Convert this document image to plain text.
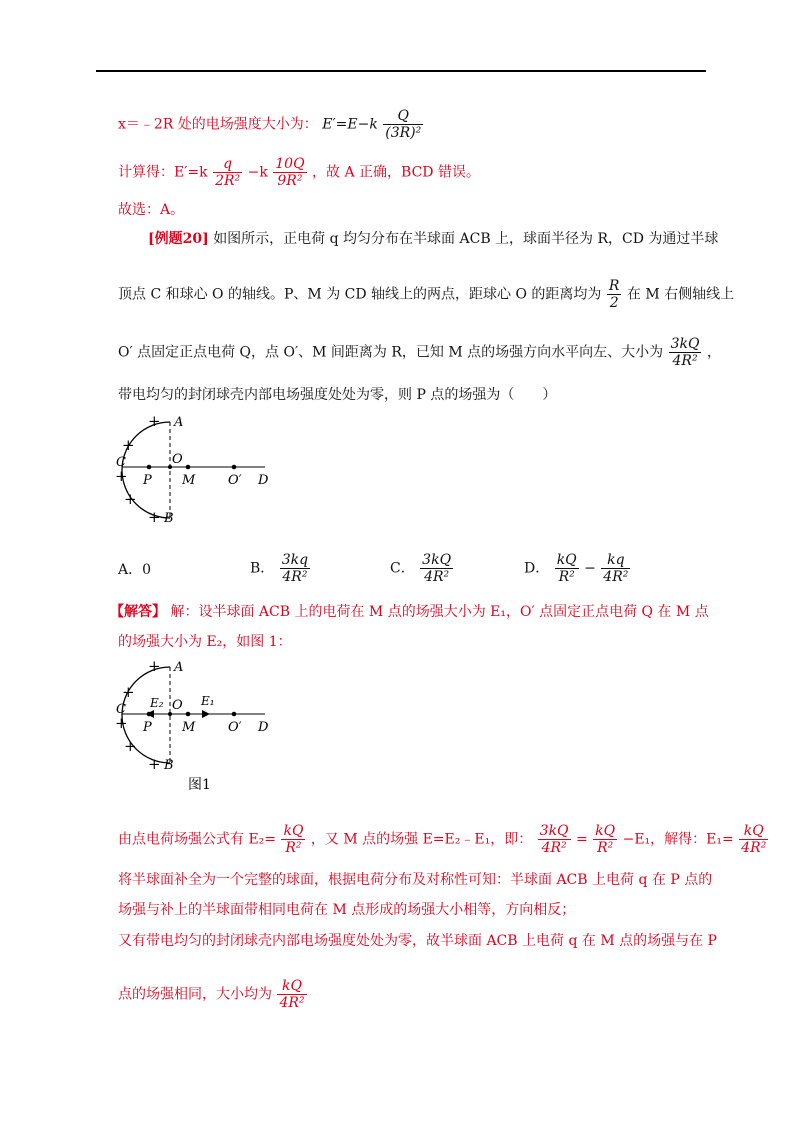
x＝﹣2R 处的电场强度大小为： $E'=E-k \frac{Q}{\text{(3R)²}}$
计算得：$E'=k \frac{q}{\text{2R²}} -k \frac{10Q}{\text{9R²}}$ ，故 A 正确，BCD 错误。
故选：A。
[例题20] 如图所示，正电荷 q 均匀分布在半球面 ACB 上，球面半径为 R，CD 为通过半球
顶点 C 和球心 O 的轴线。P、M 为 CD 轴线上的两点，距球心 O 的距离均为 $\frac{R}{2}$ 在 M 右侧轴线上
O′ 点固定正点电荷 Q，点 O′、M 间距离为 R，已知 M 点的场强方向水平向左、大小为 $\frac{3kQ}{\text{4R²}}$ ，
带电均匀的封闭球壳内部电场强度处处为零，则 P 点的场强为（　　）
+ A
+
C
+
+
O
P M	O′ D
+ B
A．0	B． $\frac{3kq}{\text{4R²}}$	C． $\frac{3kQ}{\text{4R²}}$	D． $\frac{kQ}{\text{R²}} - \frac{kq}{\text{4R²}}$
【解答】 解：设半球面 ACB 上的电荷在 M 点的场强大小为 E₁，O′ 点固定正点电荷 Q 在 M 点
的场强大小为 E₂，如图 1：
+ A
+
C
+
+
E₂ O E₁
P M	O′ D
+ B
图1
由点电荷场强公式有 $E_2= \frac{kQ}{\text{R²}}$ ，又 M 点的场强 E=E₂﹣E₁，即： $\frac{3kQ}{\text{4R²}} = \frac{kQ}{\text{R²}} -E_1$，解得：$E_1= \frac{kQ}{\text{4R²}}$
将半球面补全为一个完整的球面，根据电荷分布及对称性可知：半球面 ACB 上电荷 q 在 P 点的
场强与补上的半球面带相同电荷在 M 点形成的场强大小相等，方向相反；
又有带电均匀的封闭球壳内部电场强度处处为零，故半球面 ACB 上电荷 q 在 M 点的场强与在 P
点的场强相同，大小均为 $\frac{kQ}{\text{4R²}}$
